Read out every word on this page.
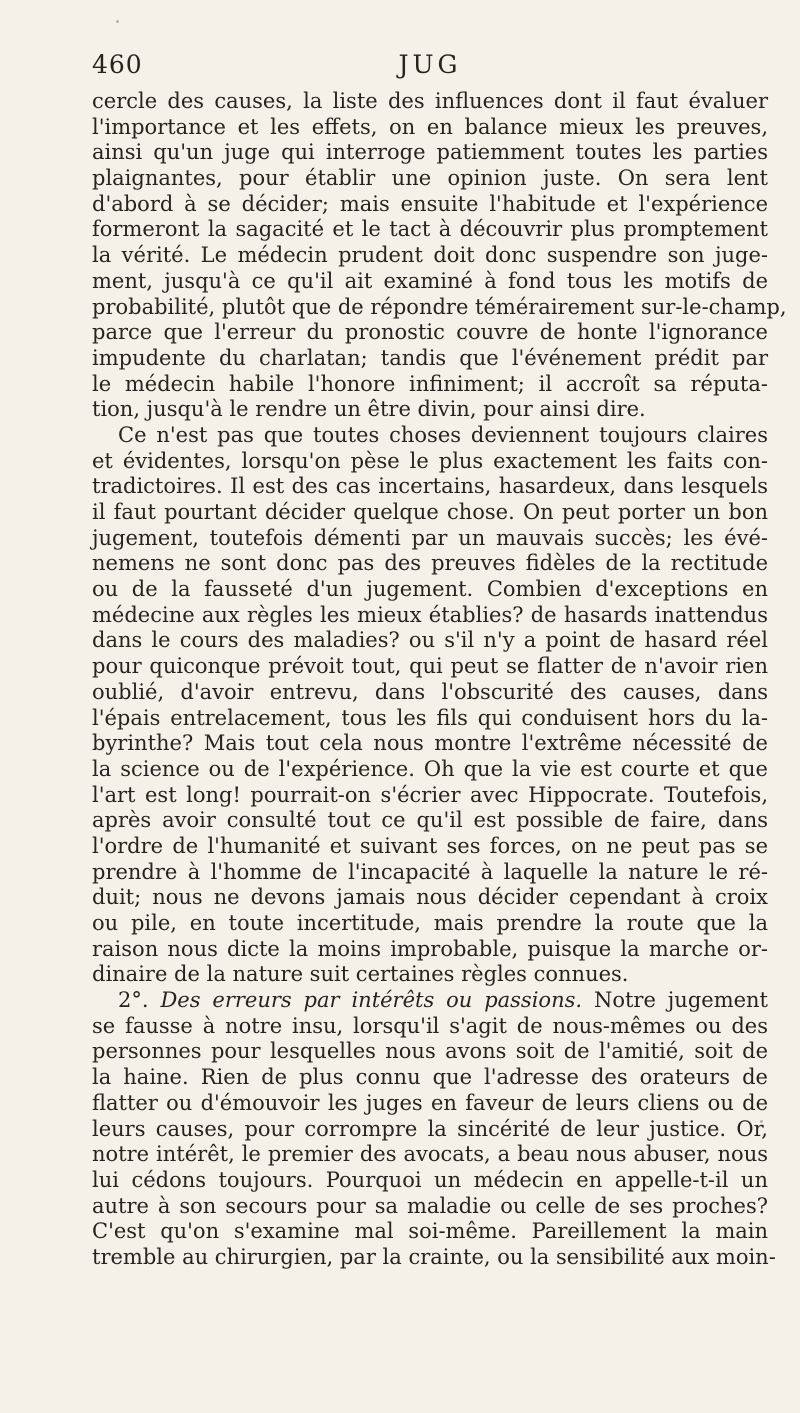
460	JUG
cercle des causes, la liste des influences dont il faut évaluer
l'importance et les effets, on en balance mieux les preuves,
ainsi qu'un juge qui interroge patiemment toutes les parties
plaignantes, pour établir une opinion juste. On sera lent
d'abord à se décider; mais ensuite l'habitude et l'expérience
formeront la sagacité et le tact à découvrir plus promptement
la vérité. Le médecin prudent doit donc suspendre son juge-
ment, jusqu'à ce qu'il ait examiné à fond tous les motifs de
probabilité, plutôt que de répondre témérairement sur-le-champ,
parce que l'erreur du pronostic couvre de honte l'ignorance
impudente du charlatan; tandis que l'événement prédit par
le médecin habile l'honore infiniment; il accroît sa réputa-
tion, jusqu'à le rendre un être divin, pour ainsi dire.
Ce n'est pas que toutes choses deviennent toujours claires
et évidentes, lorsqu'on pèse le plus exactement les faits con-
tradictoires. Il est des cas incertains, hasardeux, dans lesquels
il faut pourtant décider quelque chose. On peut porter un bon
jugement, toutefois démenti par un mauvais succès; les évé-
nemens ne sont donc pas des preuves fidèles de la rectitude
ou de la fausseté d'un jugement. Combien d'exceptions en
médecine aux règles les mieux établies? de hasards inattendus
dans le cours des maladies? ou s'il n'y a point de hasard réel
pour quiconque prévoit tout, qui peut se flatter de n'avoir rien
oublié, d'avoir entrevu, dans l'obscurité des causes, dans
l'épais entrelacement, tous les fils qui conduisent hors du la-
byrinthe? Mais tout cela nous montre l'extrême nécessité de
la science ou de l'expérience. Oh que la vie est courte et que
l'art est long! pourrait-on s'écrier avec Hippocrate. Toutefois,
après avoir consulté tout ce qu'il est possible de faire, dans
l'ordre de l'humanité et suivant ses forces, on ne peut pas se
prendre à l'homme de l'incapacité à laquelle la nature le ré-
duit; nous ne devons jamais nous décider cependant à croix
ou pile, en toute incertitude, mais prendre la route que la
raison nous dicte la moins improbable, puisque la marche or-
dinaire de la nature suit certaines règles connues.
2°. Des erreurs par intérêts ou passions. Notre jugement
se fausse à notre insu, lorsqu'il s'agit de nous-mêmes ou des
personnes pour lesquelles nous avons soit de l'amitié, soit de
la haine. Rien de plus connu que l'adresse des orateurs de
flatter ou d'émouvoir les juges en faveur de leurs cliens ou de
leurs causes, pour corrompre la sincérité de leur justice. Or,
notre intérêt, le premier des avocats, a beau nous abuser, nous
lui cédons toujours. Pourquoi un médecin en appelle-t-il un
autre à son secours pour sa maladie ou celle de ses proches?
C'est qu'on s'examine mal soi-même. Pareillement la main
tremble au chirurgien, par la crainte, ou la sensibilité aux moin-
